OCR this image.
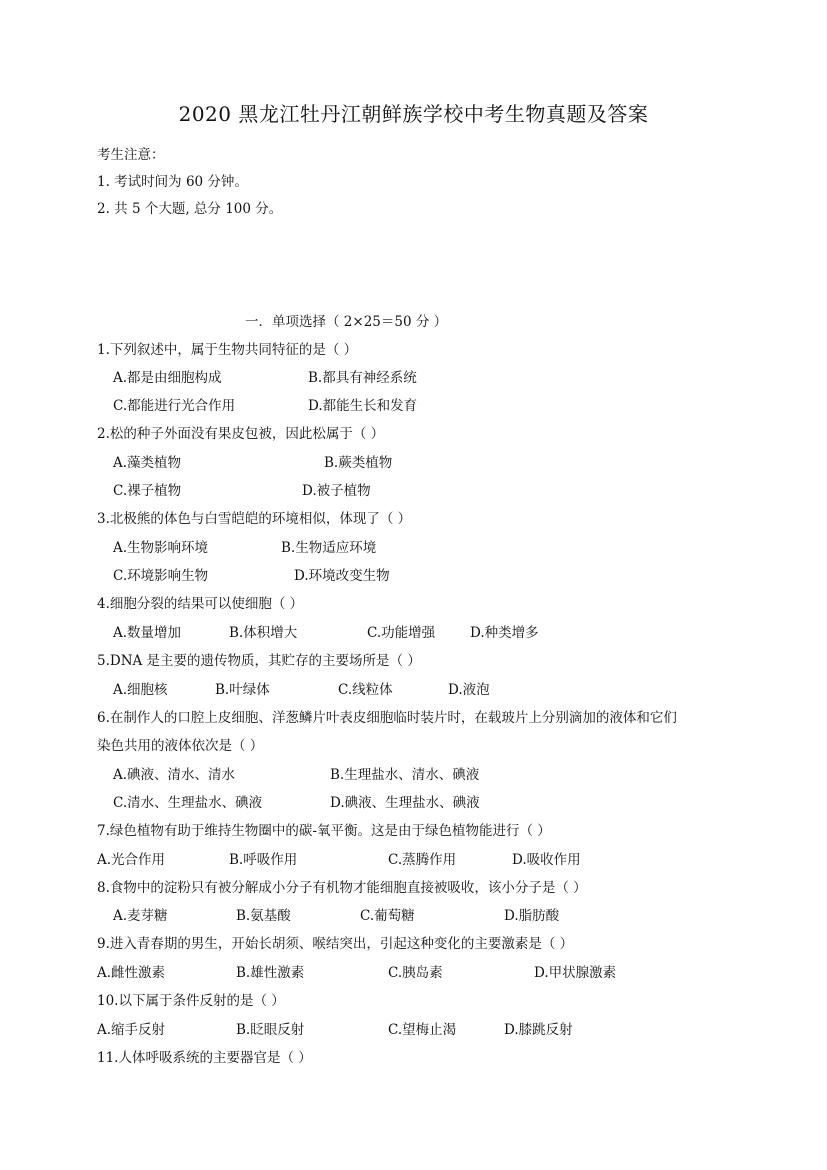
2020 黑龙江牡丹江朝鲜族学校中考生物真题及答案
考生注意：
1. 考试时间为 60 分钟。
2. 共 5 个大题, 总分 100 分。
一．单项选择（ 2×25＝50 分 ）
1.下列叙述中，属于生物共同特征的是（ ）
A.都是由细胞构成	B.都具有神经系统
C.都能进行光合作用	D.都能生长和发育
2.松的种子外面没有果皮包被，因此松属于（ ）
A.藻类植物	B.蕨类植物
C.裸子植物	D.被子植物
3.北极熊的体色与白雪皑皑的环境相似，体现了（ ）
A.生物影响环境	B.生物适应环境
C.环境影响生物	D.环境改变生物
4.细胞分裂的结果可以使细胞（ ）
A.数量增加	B.体积增大	C.功能增强	D.种类增多
5.DNA 是主要的遗传物质，其贮存的主要场所是（ ）
A.细胞核	B.叶绿体	C.线粒体	D.液泡
6.在制作人的口腔上皮细胞、洋葱鳞片叶表皮细胞临时装片时，在载玻片上分别滴加的液体和它们
染色共用的液体依次是（ ）
A.碘液、清水、清水	B.生理盐水、清水、碘液
C.清水、生理盐水、碘液	D.碘液、生理盐水、碘液
7.绿色植物有助于维持生物圈中的碳-氧平衡。这是由于绿色植物能进行（ ）
A.光合作用	B.呼吸作用	C.蒸腾作用	D.吸收作用
8.食物中的淀粉只有被分解成小分子有机物才能细胞直接被吸收，该小分子是（ ）
A.麦芽糖	B.氨基酸	C.葡萄糖	D.脂肪酸
9.进入青春期的男生，开始长胡须、喉结突出，引起这种变化的主要激素是（ ）
A.雌性激素	B.雄性激素	C.胰岛素	D.甲状腺激素
10.以下属于条件反射的是（ ）
A.缩手反射	B.眨眼反射	C.望梅止渴	D.膝跳反射
11.人体呼吸系统的主要器官是（ ）
